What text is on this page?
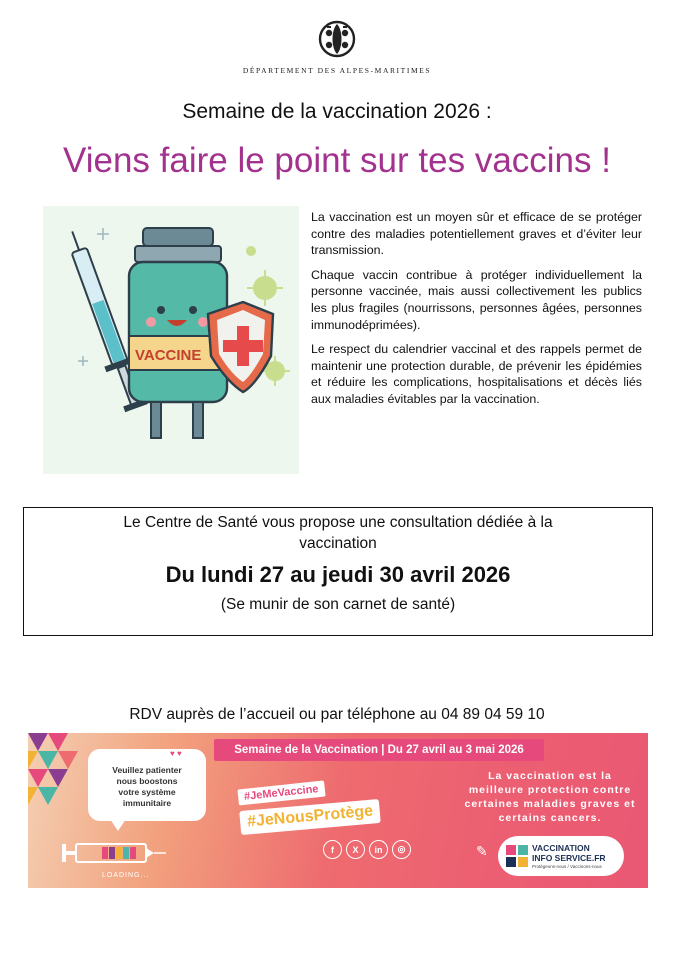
DÉPARTEMENT DES ALPES-MARITIMES
Semaine de la vaccination 2026 :
Viens faire le point sur tes vaccins !
VACCINE

La vaccination est un moyen sûr et efficace de se protéger contre des maladies potentiellement graves et d’éviter leur transmission.

Chaque vaccin contribue à protéger individuellement la personne vaccinée, mais aussi collectivement les publics les plus fragiles (nourrissons, personnes âgées, personnes immunodéprimées).

Le respect du calendrier vaccinal et des rappels permet de maintenir une protection durable, de prévenir les épidémies et réduire les complications, hospitalisations et décès liés aux maladies évitables par la vaccination.

Le Centre de Santé vous propose une consultation dédiée à la vaccination
Du lundi 27 au jeudi 30 avril 2026
(Se munir de son carnet de santé)
RDV auprès de l’accueil ou par téléphone au 04 89 04 59 10
Semaine de la Vaccination | Du 27 avril au 3 mai 2026
Veuillez patienter
nous boostons
votre système
immunitaire
♥ ♥
LOADING...
#JeMeVaccine
#JeNousProtège
f	X	in	◎
La vaccination est la meilleure protection contre certaines maladies graves et certains cancers.
✎	VACCINATION
INFO SERVICE.FR
Protégeons-nous / Vaccinons-nous
